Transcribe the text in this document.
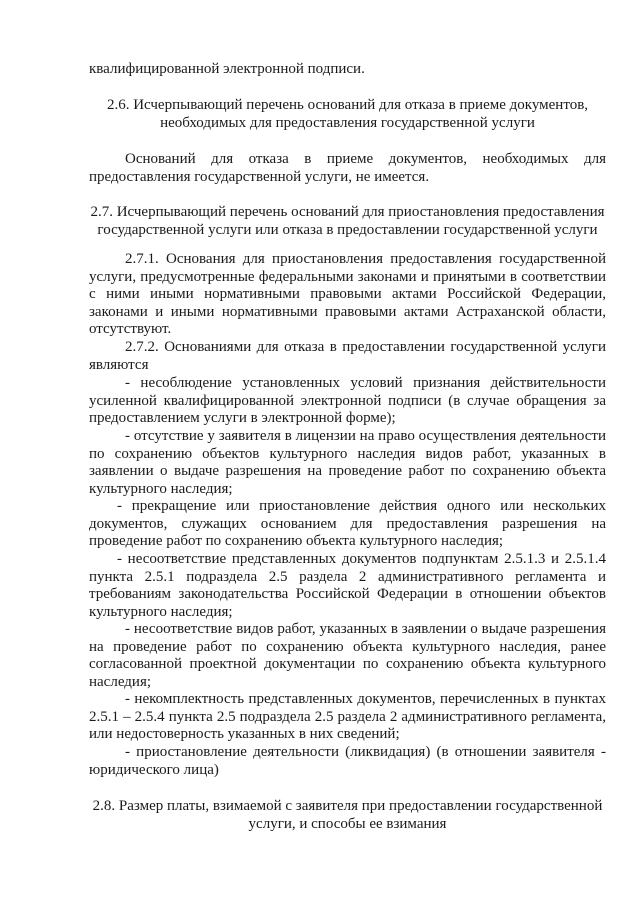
квалифицированной электронной подписи.

2.6. Исчерпывающий перечень оснований для отказа в приеме документов,

необходимых для предоставления государственной услуги

Оснований для отказа в приеме документов, необходимых для предоставления государственной услуги, не имеется.

2.7. Исчерпывающий перечень оснований для приостановления предоставления

государственной услуги или отказа в предоставлении государственной услуги

2.7.1. Основания для приостановления предоставления государственной услуги, предусмотренные федеральными законами и принятыми в соответствии с ними иными нормативными правовыми актами Российской Федерации, законами и иными нормативными правовыми актами Астраханской области, отсутствуют.

2.7.2. Основаниями для отказа в предоставлении государственной услуги являются

- несоблюдение установленных условий признания действительности усиленной квалифицированной электронной подписи (в случае обращения за предоставлением услуги в электронной форме);

- отсутствие у заявителя в лицензии на право осуществления деятельности по сохранению объектов культурного наследия видов работ, указанных в заявлении о выдаче разрешения на проведение работ по сохранению объекта культурного наследия;

- прекращение или приостановление действия одного или нескольких документов, служащих основанием для предоставления разрешения на проведение работ по сохранению объекта культурного наследия;

- несоответствие представленных документов подпунктам 2.5.1.3 и 2.5.1.4 пункта 2.5.1 подраздела 2.5 раздела 2 административного регламента и требованиям законодательства Российской Федерации в отношении объектов культурного наследия;

- несоответствие видов работ, указанных в заявлении о выдаче разрешения на проведение работ по сохранению объекта культурного наследия, ранее согласованной проектной документации по сохранению объекта культурного наследия;

- некомплектность представленных документов, перечисленных в пунктах 2.5.1 – 2.5.4 пункта 2.5 подраздела 2.5 раздела 2 административного регламента, или недостоверность указанных в них сведений;

- приостановление деятельности (ликвидация) (в отношении заявителя - юридического лица)

2.8. Размер платы, взимаемой с заявителя при предоставлении государственной

услуги, и способы ее взимания
